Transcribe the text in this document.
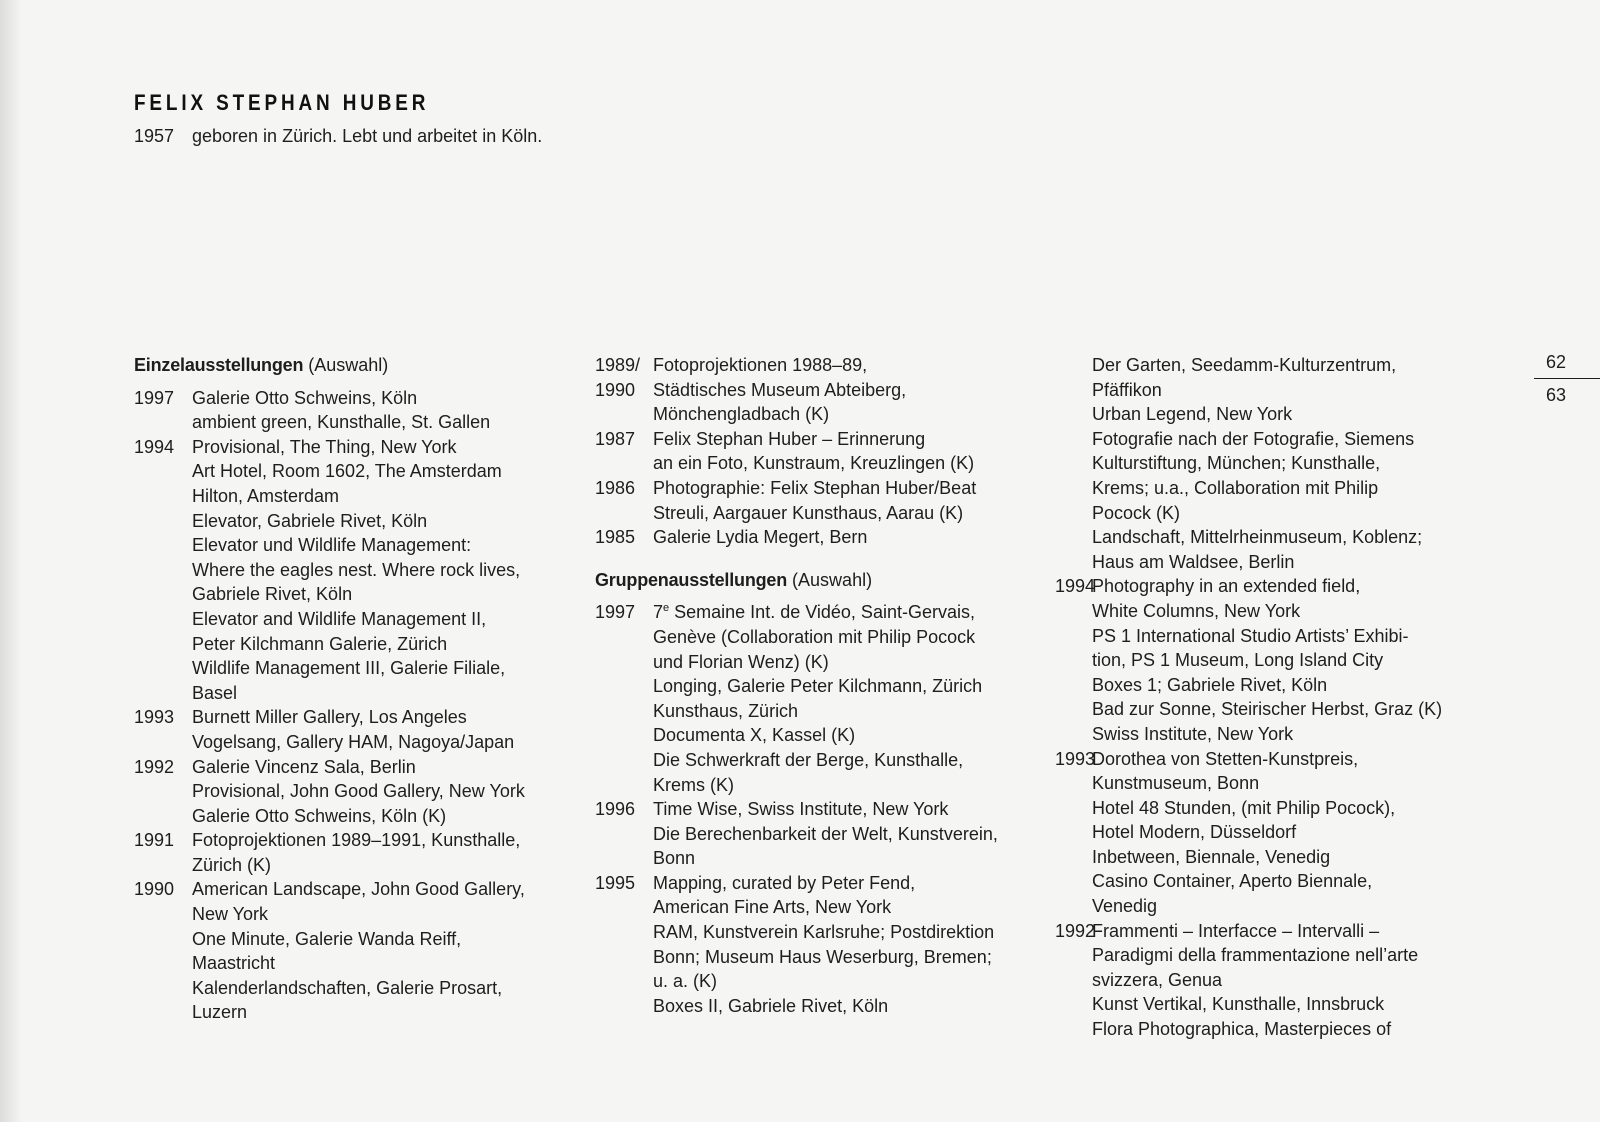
FELIX STEPHAN HUBER
1957 geboren in Zürich. Lebt und arbeitet in Köln.
Einzelausstellungen (Auswahl)
1997 Galerie Otto Schweins, Köln
ambient green, Kunsthalle, St. Gallen
1994 Provisional, The Thing, New York
Art Hotel, Room 1602, The Amsterdam
Hilton, Amsterdam
Elevator, Gabriele Rivet, Köln
Elevator und Wildlife Management:
Where the eagles nest. Where rock lives,
Gabriele Rivet, Köln
Elevator and Wildlife Management II,
Peter Kilchmann Galerie, Zürich
Wildlife Management III, Galerie Filiale,
Basel
1993 Burnett Miller Gallery, Los Angeles
Vogelsang, Gallery HAM, Nagoya/Japan
1992 Galerie Vincenz Sala, Berlin
Provisional, John Good Gallery, New York
Galerie Otto Schweins, Köln (K)
1991 Fotoprojektionen 1989–1991, Kunsthalle,
Zürich (K)
1990 American Landscape, John Good Gallery,
New York
One Minute, Galerie Wanda Reiff,
Maastricht
Kalenderlandschaften, Galerie Prosart,
Luzern
1989/ Fotoprojektionen 1988–89,
1990 Städtisches Museum Abteiberg,
Mönchengladbach (K)
1987 Felix Stephan Huber – Erinnerung
an ein Foto, Kunstraum, Kreuzlingen (K)
1986 Photographie: Felix Stephan Huber/Beat
Streuli, Aargauer Kunsthaus, Aarau (K)
1985 Galerie Lydia Megert, Bern
Gruppenausstellungen (Auswahl)
1997 7e Semaine Int. de Vidéo, Saint-Gervais,
Genève (Collaboration mit Philip Pocock
und Florian Wenz) (K)
Longing, Galerie Peter Kilchmann, Zürich
Kunsthaus, Zürich
Documenta X, Kassel (K)
Die Schwerkraft der Berge, Kunsthalle,
Krems (K)
1996 Time Wise, Swiss Institute, New York
Die Berechenbarkeit der Welt, Kunstverein,
Bonn
1995 Mapping, curated by Peter Fend,
American Fine Arts, New York
RAM, Kunstverein Karlsruhe; Postdirektion
Bonn; Museum Haus Weserburg, Bremen;
u. a. (K)
Boxes II, Gabriele Rivet, Köln
Der Garten, Seedamm-Kulturzentrum,
Pfäffikon
Urban Legend, New York
Fotografie nach der Fotografie, Siemens
Kulturstiftung, München; Kunsthalle,
Krems; u.a., Collaboration mit Philip
Pocock (K)
Landschaft, Mittelrheinmuseum, Koblenz;
Haus am Waldsee, Berlin
1994
Photography in an extended field,
White Columns, New York
PS 1 International Studio Artists’ Exhibi-
tion, PS 1 Museum, Long Island City
Boxes 1; Gabriele Rivet, Köln
Bad zur Sonne, Steirischer Herbst, Graz (K)
Swiss Institute, New York
1993
Dorothea von Stetten-Kunstpreis,
Kunstmuseum, Bonn
Hotel 48 Stunden, (mit Philip Pocock),
Hotel Modern, Düsseldorf
Inbetween, Biennale, Venedig
Casino Container, Aperto Biennale,
Venedig
1992
Frammenti – Interfacce – Intervalli –
Paradigmi della frammentazione nell’arte
svizzera, Genua
Kunst Vertikal, Kunsthalle, Innsbruck
Flora Photographica, Masterpieces of
62
63
